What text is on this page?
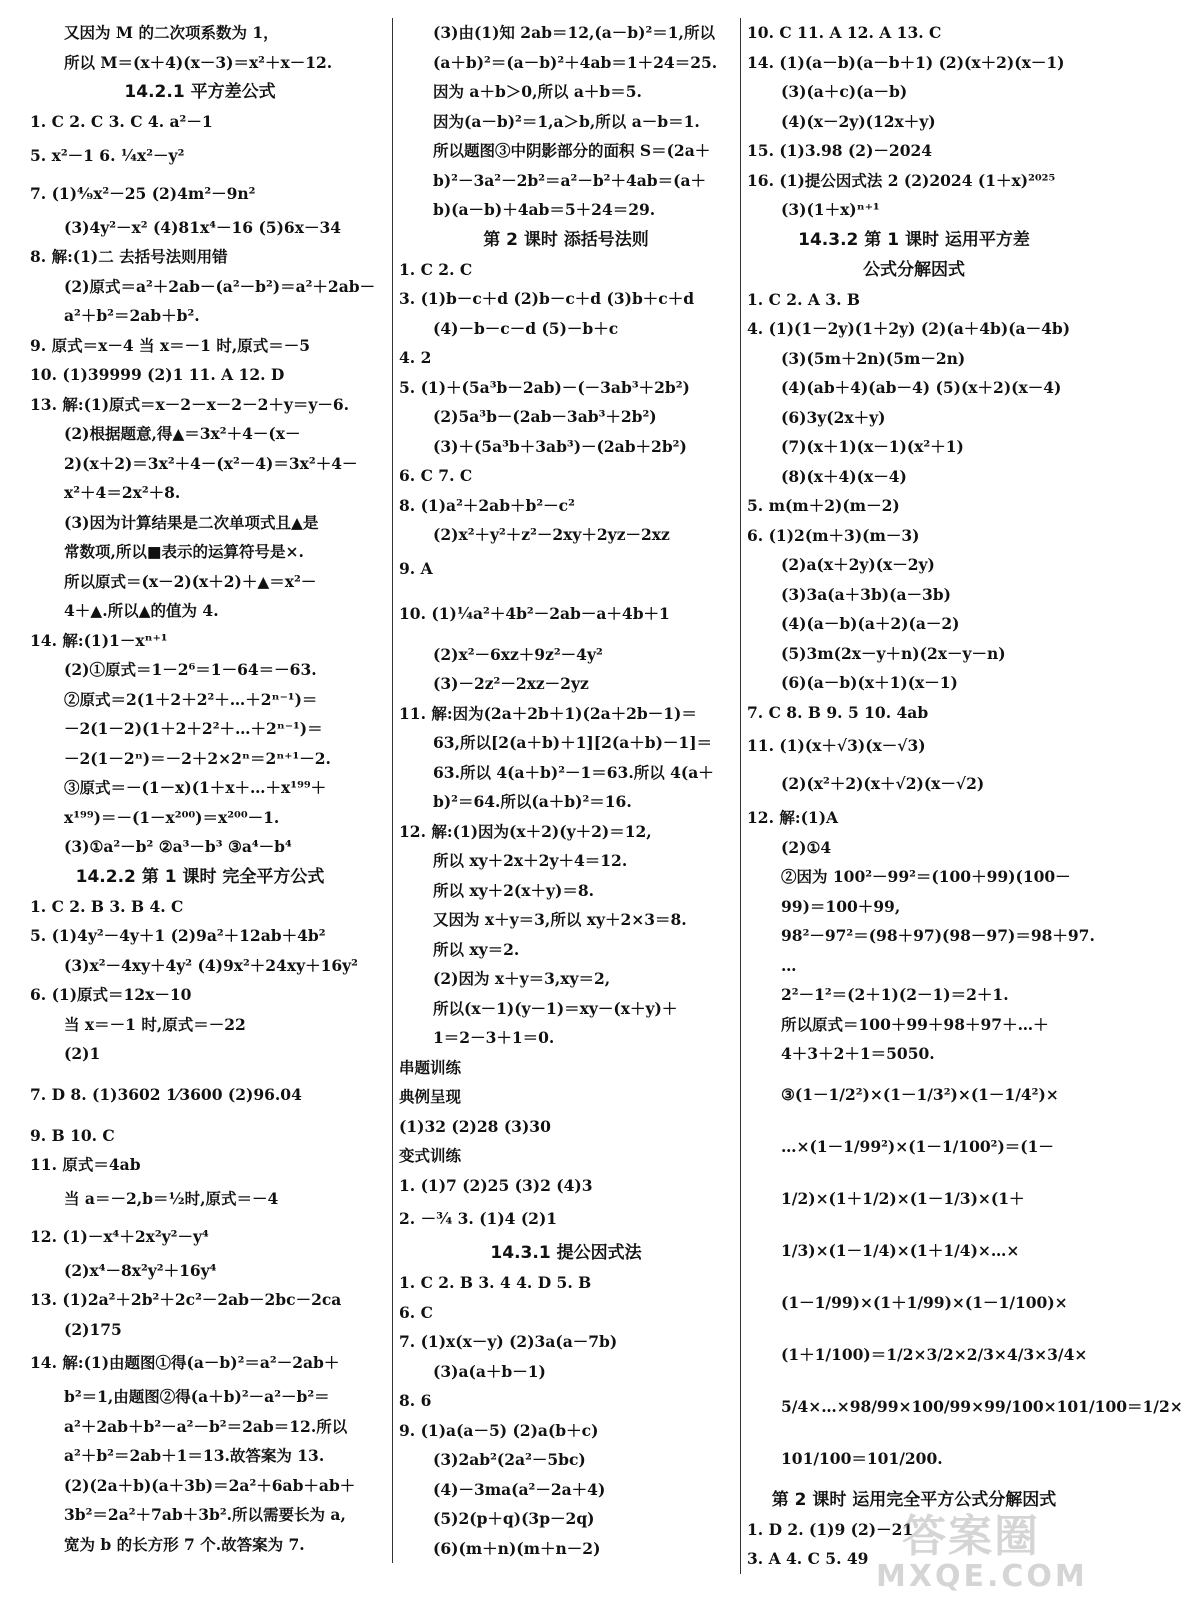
又因为 M 的二次项系数为 1，
所以 M＝(x＋4)(x－3)＝x²＋x－12.
14.2.1 平方差公式
1. C 2. C 3. C 4. a²－1
5. x²－1 6. ¼x²－y²
7. (1)⁴⁄₉x²－25 (2)4m²－9n²
(3)4y²－x² (4)81x⁴－16 (5)6x－34
8. 解:(1)二 去括号法则用错
(2)原式＝a²＋2ab－(a²－b²)＝a²＋2ab－
a²＋b²＝2ab＋b².
9. 原式＝x－4 当 x＝－1 时,原式＝－5
10. (1)39999 (2)1 11. A 12. D
13. 解:(1)原式＝x－2－x－2－2＋y＝y－6.
(2)根据题意,得▲＝3x²＋4－(x－
2)(x＋2)＝3x²＋4－(x²－4)＝3x²＋4－
x²＋4＝2x²＋8.
(3)因为计算结果是二次单项式且▲是
常数项,所以■表示的运算符号是×.
所以原式＝(x－2)(x＋2)＋▲＝x²－
4＋▲.所以▲的值为 4.
14. 解:(1)1－xⁿ⁺¹
(2)①原式＝1－2⁶＝1－64＝－63.
②原式＝2(1＋2＋2²＋…＋2ⁿ⁻¹)＝
－2(1－2)(1＋2＋2²＋…＋2ⁿ⁻¹)＝
－2(1－2ⁿ)＝－2＋2×2ⁿ＝2ⁿ⁺¹－2.
③原式＝－(1－x)(1＋x＋…＋x¹⁹⁹＋
x¹⁹⁹)＝－(1－x²⁰⁰)＝x²⁰⁰－1.
(3)①a²－b² ②a³－b³ ③a⁴－b⁴
14.2.2 第 1 课时 完全平方公式
1. C 2. B 3. B 4. C
5. (1)4y²－4y＋1 (2)9a²＋12ab＋4b²
(3)x²－4xy＋4y² (4)9x²＋24xy＋16y²
6. (1)原式＝12x－10
当 x＝－1 时,原式＝－22
(2)1
7. D 8. (1)3602 1⁄3600 (2)96.04
9. B 10. C
11. 原式＝4ab
当 a＝－2,b＝½时,原式＝－4
12. (1)－x⁴＋2x²y²－y⁴
(2)x⁴－8x²y²＋16y⁴
13. (1)2a²＋2b²＋2c²－2ab－2bc－2ca
(2)175
14. 解:(1)由题图①得(a－b)²＝a²－2ab＋
b²＝1,由题图②得(a＋b)²－a²－b²＝
a²＋2ab＋b²－a²－b²＝2ab＝12.所以
a²＋b²＝2ab＋1＝13.故答案为 13.
(2)(2a＋b)(a＋3b)＝2a²＋6ab＋ab＋
3b²＝2a²＋7ab＋3b².所以需要长为 a,
宽为 b 的长方形 7 个.故答案为 7.
(3)由(1)知 2ab＝12,(a－b)²＝1,所以
(a＋b)²＝(a－b)²＋4ab＝1＋24＝25.
因为 a＋b＞0,所以 a＋b＝5.
因为(a－b)²＝1,a＞b,所以 a－b＝1.
所以题图③中阴影部分的面积 S＝(2a＋
b)²－3a²－2b²＝a²－b²＋4ab＝(a＋
b)(a－b)＋4ab＝5＋24＝29.
第 2 课时 添括号法则
1. C 2. C
3. (1)b－c＋d (2)b－c＋d (3)b＋c＋d
(4)－b－c－d (5)－b＋c
4. 2
5. (1)＋(5a³b－2ab)－(－3ab³＋2b²)
(2)5a³b－(2ab－3ab³＋2b²)
(3)＋(5a³b＋3ab³)－(2ab＋2b²)
6. C 7. C
8. (1)a²＋2ab＋b²－c²
(2)x²＋y²＋z²－2xy＋2yz－2xz
9. A
10. (1)¼a²＋4b²－2ab－a＋4b＋1
(2)x²－6xz＋9z²－4y²
(3)－2z²－2xz－2yz
11. 解:因为(2a＋2b＋1)(2a＋2b－1)＝
63,所以[2(a＋b)＋1][2(a＋b)－1]＝
63.所以 4(a＋b)²－1＝63.所以 4(a＋
b)²＝64.所以(a＋b)²＝16.
12. 解:(1)因为(x＋2)(y＋2)＝12,
所以 xy＋2x＋2y＋4＝12.
所以 xy＋2(x＋y)＝8.
又因为 x＋y＝3,所以 xy＋2×3＝8.
所以 xy＝2.
(2)因为 x＋y＝3,xy＝2,
所以(x－1)(y－1)＝xy－(x＋y)＋
1＝2－3＋1＝0.
串题训练
典例呈现
(1)32 (2)28 (3)30
变式训练
1. (1)7 (2)25 (3)2 (4)3
2. －¾ 3. (1)4 (2)1
14.3.1 提公因式法
1. C 2. B 3. 4 4. D 5. B
6. C
7. (1)x(x－y) (2)3a(a－7b)
(3)a(a＋b－1)
8. 6
9. (1)a(a－5) (2)a(b＋c)
(3)2ab²(2a²－5bc)
(4)－3ma(a²－2a＋4)
(5)2(p＋q)(3p－2q)
(6)(m＋n)(m＋n－2)
10. C 11. A 12. A 13. C
14. (1)(a－b)(a－b＋1) (2)(x＋2)(x－1)
(3)(a＋c)(a－b)
(4)(x－2y)(12x＋y)
15. (1)3.98 (2)－2024
16. (1)提公因式法 2 (2)2024 (1＋x)²⁰²⁵
(3)(1＋x)ⁿ⁺¹
14.3.2 第 1 课时 运用平方差
公式分解因式
1. C 2. A 3. B
4. (1)(1－2y)(1＋2y) (2)(a＋4b)(a－4b)
(3)(5m＋2n)(5m－2n)
(4)(ab＋4)(ab－4) (5)(x＋2)(x－4)
(6)3y(2x＋y)
(7)(x＋1)(x－1)(x²＋1)
(8)(x＋4)(x－4)
5. m(m＋2)(m－2)
6. (1)2(m＋3)(m－3)
(2)a(x＋2y)(x－2y)
(3)3a(a＋3b)(a－3b)
(4)(a－b)(a＋2)(a－2)
(5)3m(2x－y＋n)(2x－y－n)
(6)(a－b)(x＋1)(x－1)
7. C 8. B 9. 5 10. 4ab
11. (1)(x＋√3)(x－√3)
(2)(x²＋2)(x＋√2)(x－√2)
12. 解:(1)A
(2)①4
②因为 100²－99²＝(100＋99)(100－
99)＝100＋99,
98²－97²＝(98＋97)(98－97)＝98＋97.
…
2²－1²＝(2＋1)(2－1)＝2＋1.
所以原式＝100＋99＋98＋97＋…＋
4＋3＋2＋1＝5050.
③(1－1/2²)×(1－1/3²)×(1－1/4²)×
…×(1－1/99²)×(1－1/100²)＝(1－
1/2)×(1＋1/2)×(1－1/3)×(1＋
1/3)×(1－1/4)×(1＋1/4)×…×
(1－1/99)×(1＋1/99)×(1－1/100)×
(1＋1/100)＝1/2×3/2×2/3×4/3×3/4×
5/4×…×98/99×100/99×99/100×101/100＝1/2×
101/100＝101/200.
第 2 课时 运用完全平方公式分解因式
1. D 2. (1)9 (2)－21
3. A 4. C 5. 49 答案圈
MXQE.COM
